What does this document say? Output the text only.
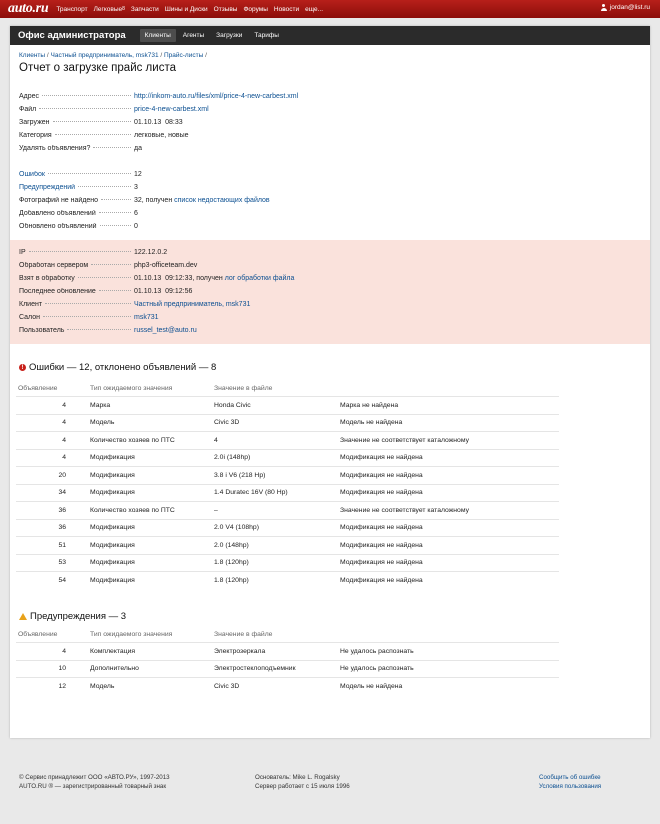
auto.ru Транспорт Легковые 8 Запчасти Шины и Диски Отзывы Форумы Новости еще...	jordan@list.ru
Офис администратора	Клиенты	Агенты	Загрузки	Тарифы
Клиенты / Частный предприниматель, msk731 / Прайс-листы /
Отчет о загрузке прайс листа
Адрес	http://inkom-auto.ru/files/xml/price-4-new-carbest.xml
Файл	price-4-new-carbest.xml
Загружен	01.10.13  08:33
Категория	легковые, новые
Удалять объявления?	да
Ошибок	12
Предупреждений	3
Фотографий не найдено	32, получен список недостающих файлов
Добавлено объявлений	6
Обновлено объявлений	0
IP	122.12.0.2
Обработан сервером	php3-officeteam.dev
Взят в обработку	01.10.13  09:12:33, получен лог обработки файла
Последнее обновление	01.10.13  09:12:56
Клиент	Частный предприниматель, msk731
Салон	msk731
Пользователь	russel_test@auto.ru
! Ошибки — 12, отклонено объявлений — 8
Объявление	Тип ожидаемого значения	Значение в файле	
4	Марка	Honda Civic	Марка не найдена
4	Модель	Civic 3D	Модель не найдена
4	Количество хозяев по ПТС	4	Значение не соответствует каталожному
4	Модификация	2.0i (148hp)	Модификация не найдена
20	Модификация	3.8 i V6 (218 Hp)	Модификация не найдена
34	Модификация	1.4 Duratec 16V (80 Hp)	Модификация не найдена
36	Количество хозяев по ПТС	–	Значение не соответствует каталожному
36	Модификация	2.0 V4 (108hp)	Модификация не найдена
51	Модификация	2.0 (148hp)	Модификация не найдена
53	Модификация	1.8 (120hp)	Модификация не найдена
54	Модификация	1.8 (120hp)	Модификация не найдена
Предупреждения — 3
Объявление	Тип ожидаемого значения	Значение в файле	
4	Комплектация	Электрозеркала	Не удалось распознать
10	Дополнительно	Электростеклоподъемник	Не удалось распознать
12	Модель	Civic 3D	Модель не найдена
© Сервис принадлежит ООО «АВТО.РУ», 1997-2013
AUTO.RU ® — зарегистрированный товарный знак
Основатель: Mike L. Rogalsky
Сервер работает с 15 июля 1996
Сообщить об ошибке
Условия пользования
